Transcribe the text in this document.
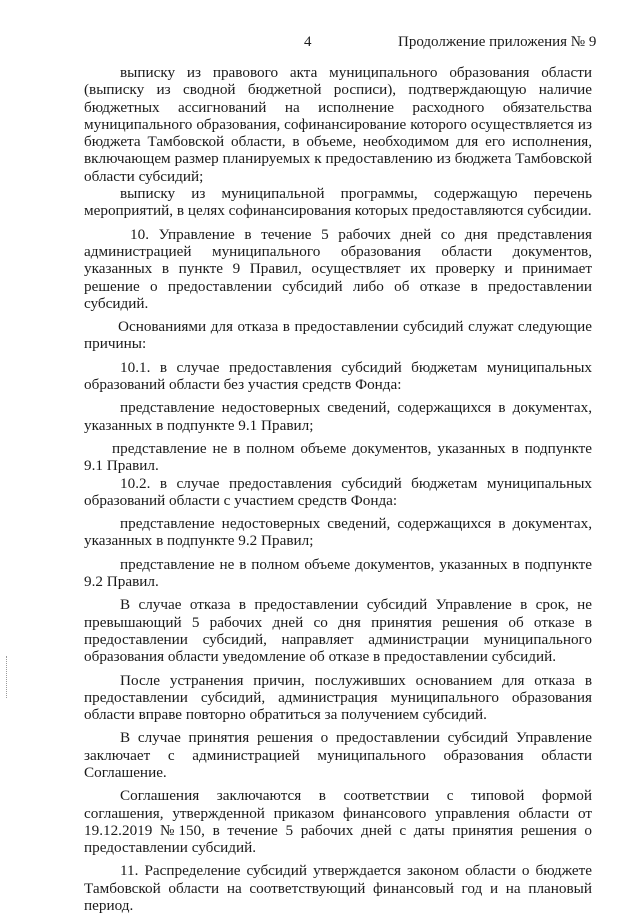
4	Продолжение приложения № 9

выписку из правового акта муниципального образования области (выписку из сводной бюджетной росписи), подтверждающую наличие бюджетных ассигнований на исполнение расходного обязательства муниципального образования, софинансирование которого осуществляется из бюджета Тамбовской области, в объеме, необходимом для его исполнения, включающем размер планируемых к предоставлению из бюджета Тамбовской области субсидий;

выписку из муниципальной программы, содержащую перечень мероприятий, в целях софинансирования которых предоставляются субсидии.

10. Управление в течение 5 рабочих дней со дня представления администрацией муниципального образования области документов, указанных в пункте 9 Правил, осуществляет их проверку и принимает решение о предоставлении субсидий либо об отказе в предоставлении субсидий.

Основаниями для отказа в предоставлении субсидий служат следующие причины:

10.1. в случае предоставления субсидий бюджетам муниципальных образований области без участия средств Фонда:

представление недостоверных сведений, содержащихся в документах, указанных в подпункте 9.1 Правил;

представление не в полном объеме документов, указанных в подпункте 9.1 Правил.

10.2. в случае предоставления субсидий бюджетам муниципальных образований области с участием средств Фонда:

представление недостоверных сведений, содержащихся в документах, указанных в подпункте 9.2 Правил;

представление не в полном объеме документов, указанных в подпункте 9.2 Правил.

В случае отказа в предоставлении субсидий Управление в срок, не превышающий 5 рабочих дней со дня принятия решения об отказе в предоставлении субсидий, направляет администрации муниципального образования области уведомление об отказе в предоставлении субсидий.

После устранения причин, послуживших основанием для отказа в предоставлении субсидий, администрация муниципального образования области вправе повторно обратиться за получением субсидий.

В случае принятия решения о предоставлении субсидий Управление заключает с администрацией муниципального образования области Соглашение.

Соглашения заключаются в соответствии с типовой формой соглашения, утвержденной приказом финансового управления области от 19.12.2019 №150, в течение 5 рабочих дней с даты принятия решения о предоставлении субсидий.

11. Распределение субсидий утверждается законом области о бюджете Тамбовской области на соответствующий финансовый год и на плановый период.
